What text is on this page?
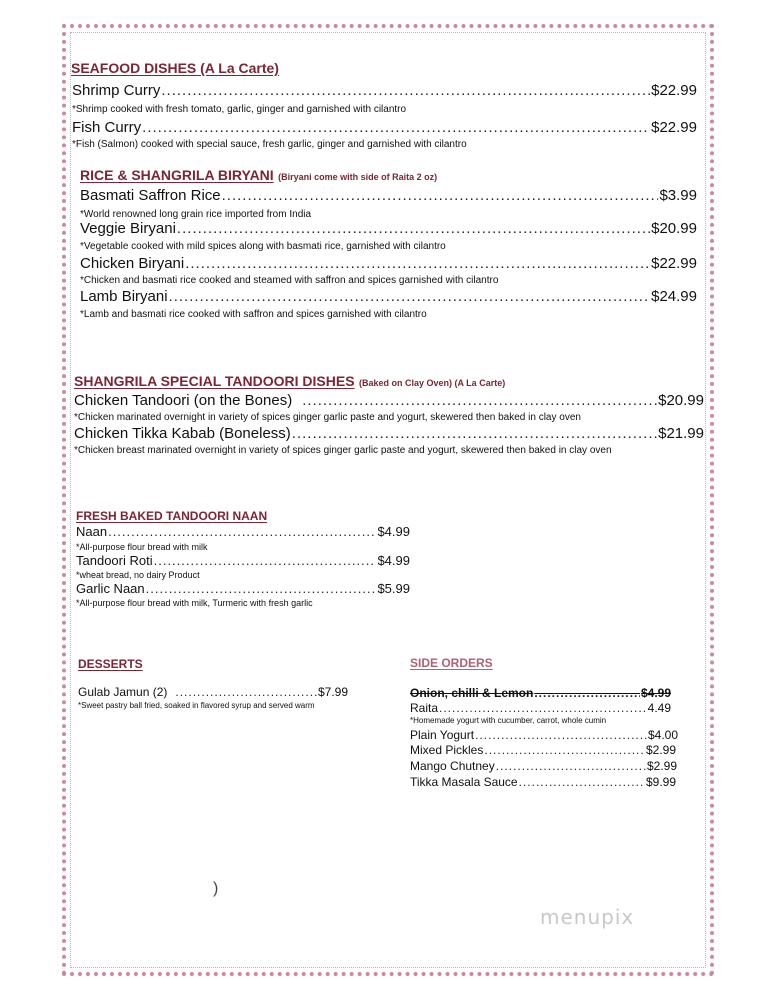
SEAFOOD DISHES (A La Carte)
Shrimp Curry .....	$22.99
*Shrimp cooked with fresh tomato, garlic, ginger and garnished with cilantro
Fish Curry .....	$22.99
*Fish (Salmon) cooked with special sauce, fresh garlic, ginger and garnished with cilantro
RICE & SHANGRILA BIRYANI (Biryani come with side of Raita 2 oz)
Basmati Saffron Rice .....	$3.99
*World renowned long grain rice imported from India
Veggie Biryani .....	$20.99
*Vegetable cooked with mild spices along with basmati rice, garnished with cilantro
Chicken Biryani .....	$22.99
*Chicken and basmati rice cooked and steamed with saffron and spices garnished with cilantro
Lamb Biryani .....	$24.99
*Lamb and basmati rice cooked with saffron and spices garnished with cilantro
SHANGRILA SPECIAL TANDOORI DISHES (Baked on Clay Oven) (A La Carte)
Chicken Tandoori (on the Bones) .....	$20.99
*Chicken marinated overnight in variety of spices ginger garlic paste and yogurt, skewered then baked in clay oven
Chicken Tikka Kabab (Boneless) .....	$21.99
*Chicken breast marinated overnight in variety of spices ginger garlic paste and yogurt, skewered then baked in clay oven
FRESH BAKED TANDOORI NAAN
Naan .....	$4.99
*All-purpose flour bread with milk
Tandoori Roti .....	$4.99
*wheat bread, no dairy Product
Garlic Naan .....	$5.99
*All-purpose flour bread with milk, Turmeric with fresh garlic
DESSERTS
Gulab Jamun (2) .....	$7.99
*Sweet pastry ball fried, soaked in flavored syrup and served warm
SIDE ORDERS
Onion, chilli & Lemon .....	$4.99
Raita .....	4.49
*Homemade yogurt with cucumber, carrot, whole cumin
Plain Yogurt .....	$4.00
Mixed Pickles .....	$2.99
Mango Chutney .....	$2.99
Tikka Masala Sauce .....	$9.99
)
menupix
